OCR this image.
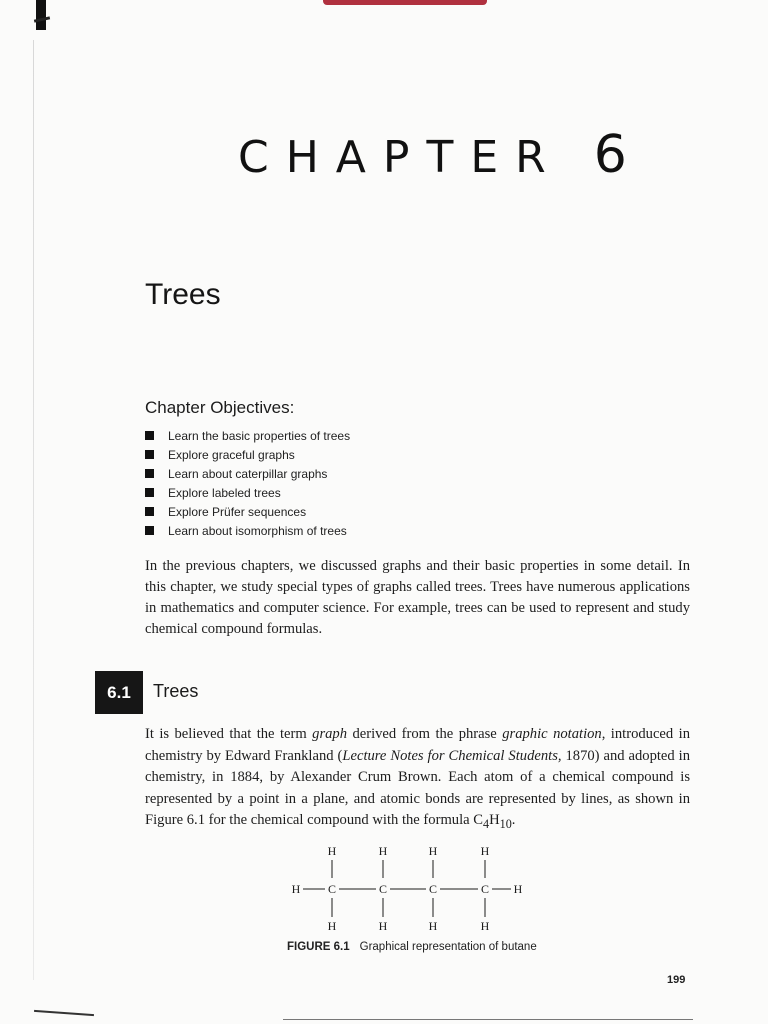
CHAPTER 6
Trees
Chapter Objectives:
Learn the basic properties of trees
Explore graceful graphs
Learn about caterpillar graphs
Explore labeled trees
Explore Prüfer sequences
Learn about isomorphism of trees

In the previous chapters, we discussed graphs and their basic properties in some detail. In this chapter, we study special types of graphs called trees. Trees have numerous applications in mathematics and computer science. For example, trees can be used to represent and study chemical compound formulas.

6.1	Trees

It is believed that the term graph derived from the phrase graphic notation, introduced in chemistry by Edward Frankland (Lecture Notes for Chemical Students, 1870) and adopted in chemistry, in 1884, by Alexander Crum Brown. Each atom of a chemical compound is represented by a point in a plane, and atomic bonds are represented by lines, as shown in Figure 6.1 for the chemical compound with the formula $C_4H_{10}$.

H	H	H	H
H C	C	C	C H
H	H	H	H
FIGURE 6.1 Graphical representation of butane
199
